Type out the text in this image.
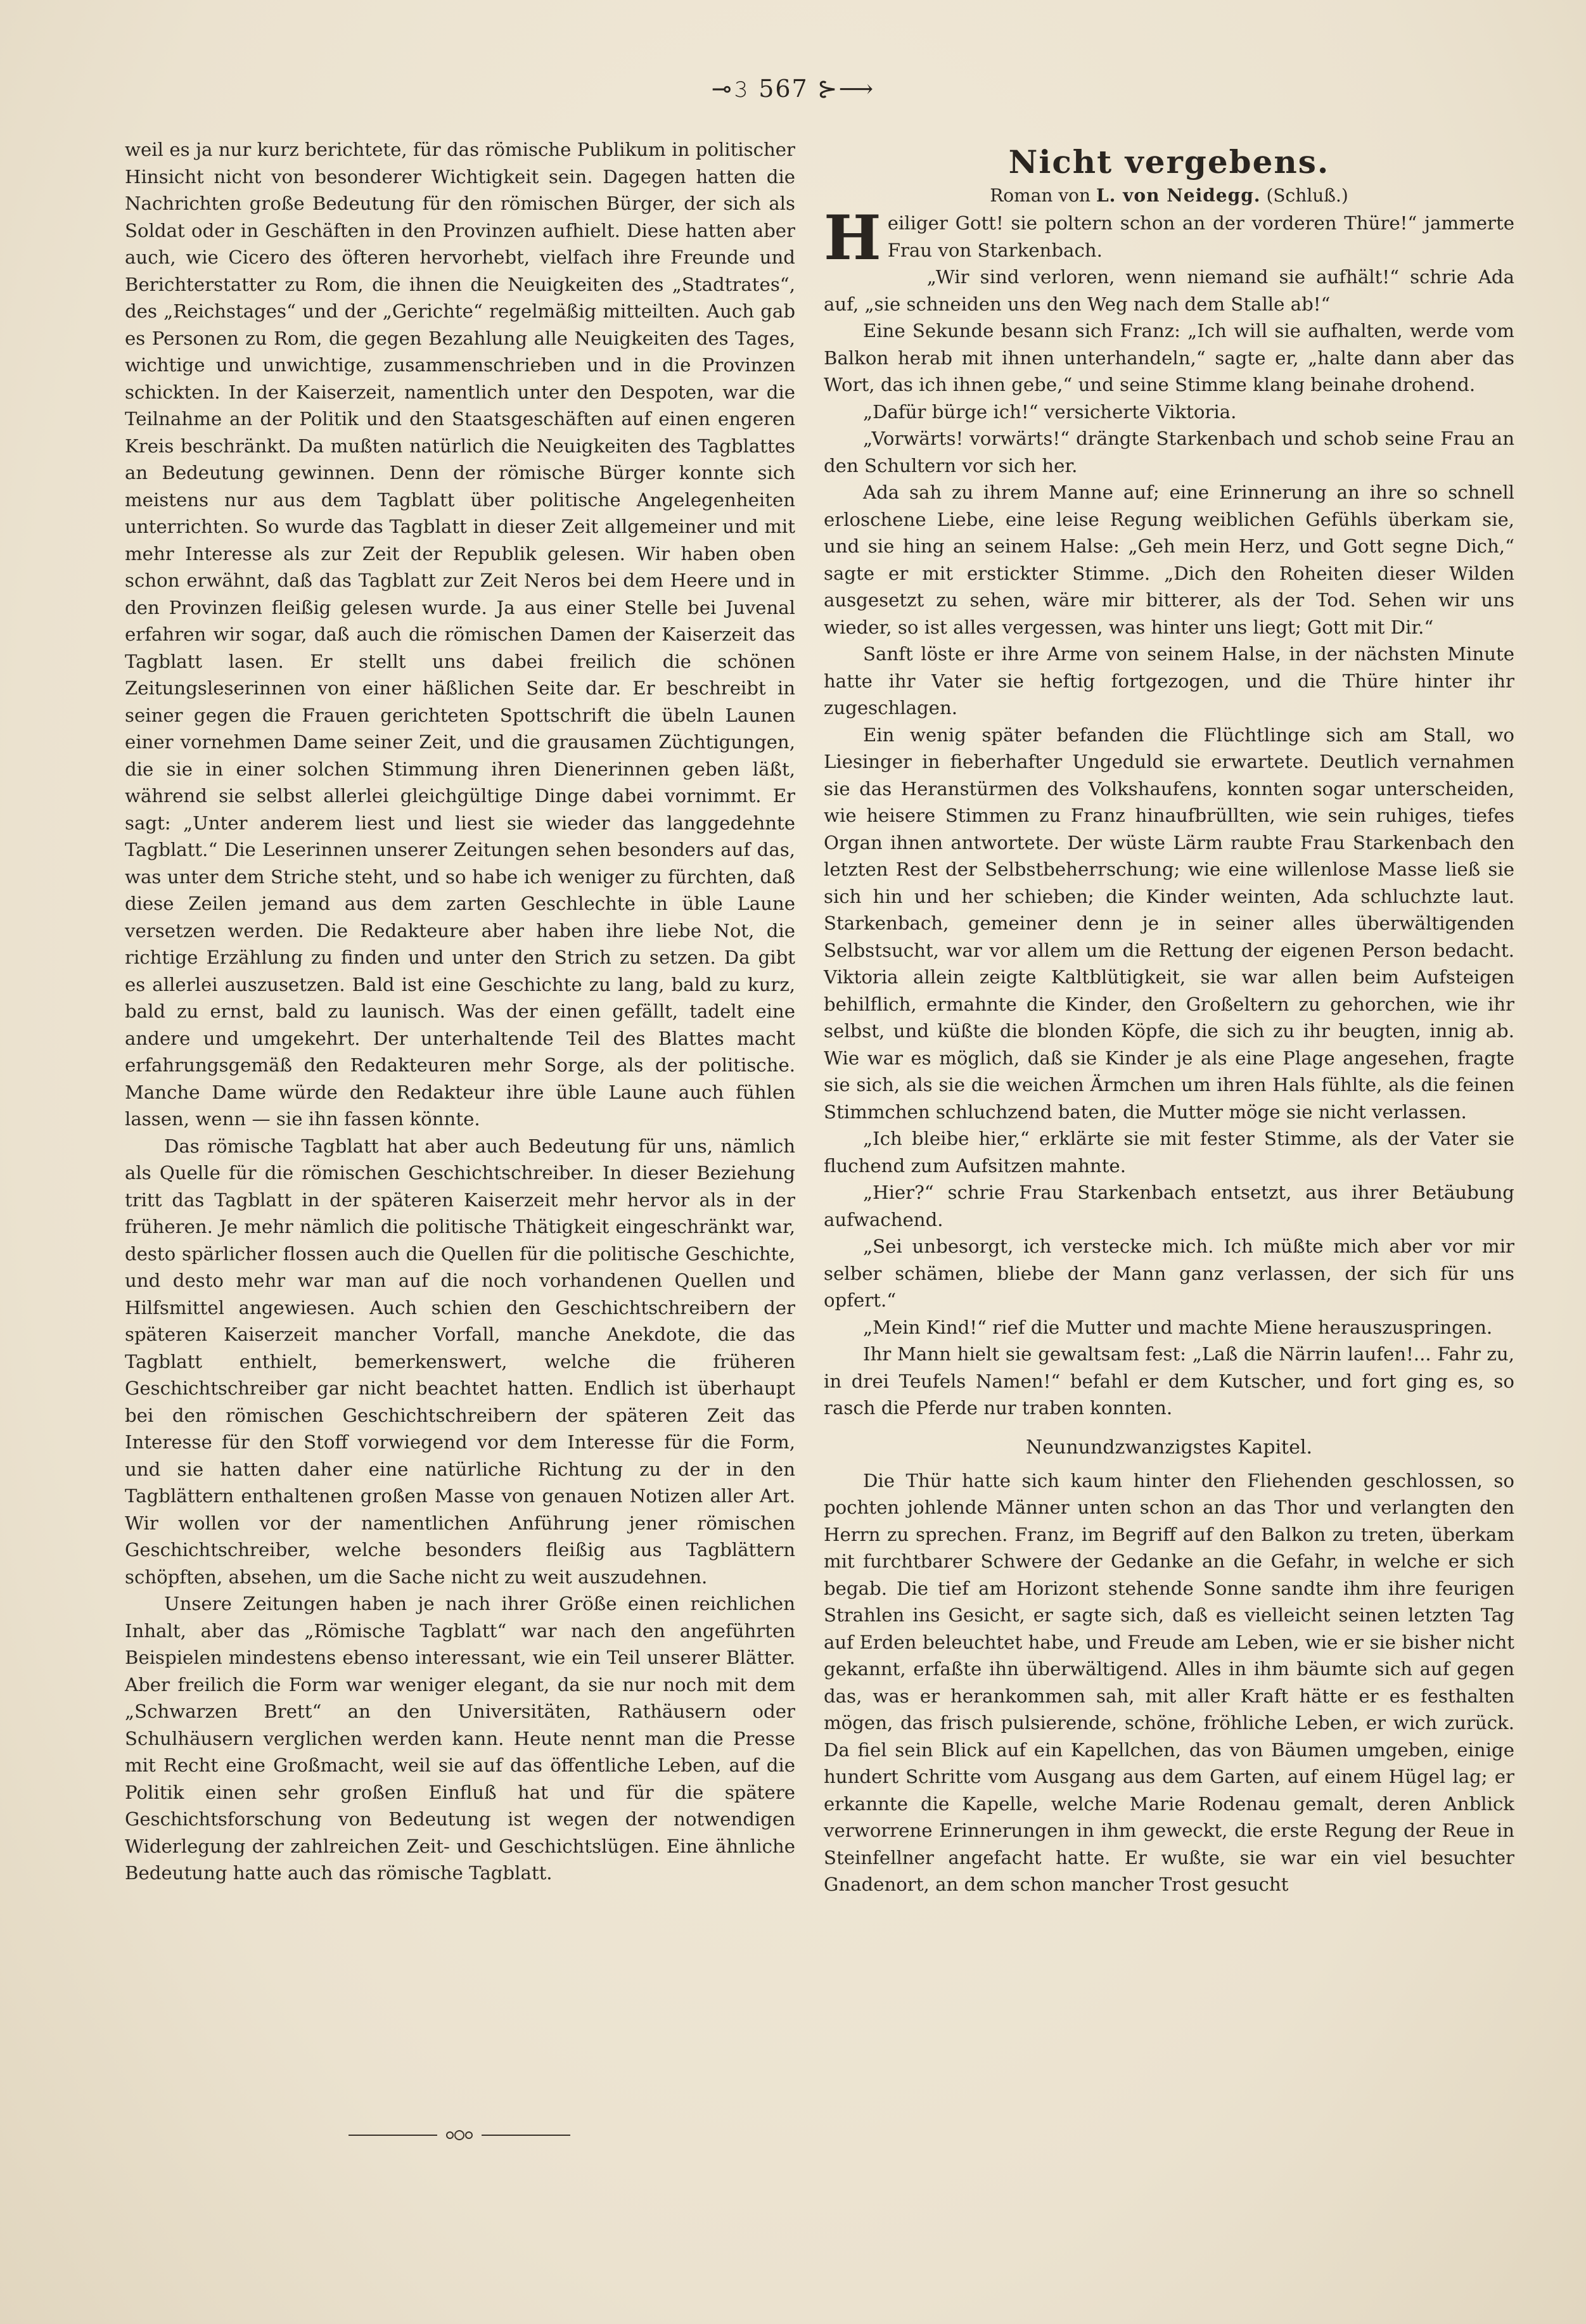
⊸𝟹 567 ⊱⟶

weil es ja nur kurz berichtete, für das römische Publikum in politischer Hinsicht nicht von besonderer Wichtigkeit sein. Dagegen hatten die Nachrichten große Bedeutung für den römischen Bürger, der sich als Soldat oder in Geschäften in den Provinzen aufhielt. Diese hatten aber auch, wie Cicero des öfteren hervorhebt, vielfach ihre Freunde und Berichterstatter zu Rom, die ihnen die Neuigkeiten des „Stadtrates“, des „Reichstages“ und der „Gerichte“ regelmäßig mitteilten. Auch gab es Personen zu Rom, die gegen Bezahlung alle Neuigkeiten des Tages, wichtige und unwichtige, zusammenschrieben und in die Provinzen schickten. In der Kaiserzeit, namentlich unter den Despoten, war die Teilnahme an der Politik und den Staatsgeschäften auf einen engeren Kreis beschränkt. Da mußten natürlich die Neuigkeiten des Tagblattes an Bedeutung gewinnen. Denn der römische Bürger konnte sich meistens nur aus dem Tagblatt über politische Angelegenheiten unterrichten. So wurde das Tagblatt in dieser Zeit allgemeiner und mit mehr Interesse als zur Zeit der Republik gelesen. Wir haben oben schon erwähnt, daß das Tagblatt zur Zeit Neros bei dem Heere und in den Provinzen fleißig gelesen wurde. Ja aus einer Stelle bei Juvenal erfahren wir sogar, daß auch die römischen Damen der Kaiserzeit das Tagblatt lasen. Er stellt uns dabei freilich die schönen Zeitungsleserinnen von einer häßlichen Seite dar. Er beschreibt in seiner gegen die Frauen gerichteten Spottschrift die übeln Launen einer vornehmen Dame seiner Zeit, und die grausamen Züchtigungen, die sie in einer solchen Stimmung ihren Dienerinnen geben läßt, während sie selbst allerlei gleichgültige Dinge dabei vornimmt. Er sagt: „Unter anderem liest und liest sie wieder das langgedehnte Tagblatt.“ Die Leserinnen unserer Zeitungen sehen besonders auf das, was unter dem Striche steht, und so habe ich weniger zu fürchten, daß diese Zeilen jemand aus dem zarten Geschlechte in üble Laune versetzen werden. Die Redakteure aber haben ihre liebe Not, die richtige Erzählung zu finden und unter den Strich zu setzen. Da gibt es allerlei auszusetzen. Bald ist eine Geschichte zu lang, bald zu kurz, bald zu ernst, bald zu launisch. Was der einen gefällt, tadelt eine andere und umgekehrt. Der unterhaltende Teil des Blattes macht erfahrungsgemäß den Redakteuren mehr Sorge, als der politische. Manche Dame würde den Redakteur ihre üble Laune auch fühlen lassen, wenn — sie ihn fassen könnte.

Das römische Tagblatt hat aber auch Bedeutung für uns, nämlich als Quelle für die römischen Geschichtschreiber. In dieser Beziehung tritt das Tagblatt in der späteren Kaiserzeit mehr hervor als in der früheren. Je mehr nämlich die politische Thätigkeit eingeschränkt war, desto spärlicher flossen auch die Quellen für die politische Geschichte, und desto mehr war man auf die noch vorhandenen Quellen und Hilfsmittel angewiesen. Auch schien den Geschichtschreibern der späteren Kaiserzeit mancher Vorfall, manche Anekdote, die das Tagblatt enthielt, bemerkenswert, welche die früheren Geschichtschreiber gar nicht beachtet hatten. Endlich ist überhaupt bei den römischen Geschichtschreibern der späteren Zeit das Interesse für den Stoff vorwiegend vor dem Interesse für die Form, und sie hatten daher eine natürliche Richtung zu der in den Tagblättern enthaltenen großen Masse von genauen Notizen aller Art. Wir wollen vor der namentlichen Anführung jener römischen Geschichtschreiber, welche besonders fleißig aus Tagblättern schöpften, absehen, um die Sache nicht zu weit auszudehnen.

Unsere Zeitungen haben je nach ihrer Größe einen reichlichen Inhalt, aber das „Römische Tagblatt“ war nach den angeführten Beispielen mindestens ebenso interessant, wie ein Teil unserer Blätter. Aber freilich die Form war weniger elegant, da sie nur noch mit dem „Schwarzen Brett“ an den Universitäten, Rathäusern oder Schulhäusern verglichen werden kann. Heute nennt man die Presse mit Recht eine Großmacht, weil sie auf das öffentliche Leben, auf die Politik einen sehr großen Einfluß hat und für die spätere Geschichtsforschung von Bedeutung ist wegen der notwendigen Widerlegung der zahlreichen Zeit- und Geschichtslügen. Eine ähnliche Bedeutung hatte auch das römische Tagblatt.

Nicht vergebens.

Roman von L. von Neidegg. (Schluß.)

Heiliger Gott! sie poltern schon an der vorderen Thüre!“ jammerte Frau von Starkenbach.

„Wir sind verloren, wenn niemand sie aufhält!“ schrie Ada auf, „sie schneiden uns den Weg nach dem Stalle ab!“

Eine Sekunde besann sich Franz: „Ich will sie aufhalten, werde vom Balkon herab mit ihnen unterhandeln,“ sagte er, „halte dann aber das Wort, das ich ihnen gebe,“ und seine Stimme klang beinahe drohend.

„Dafür bürge ich!“ versicherte Viktoria.

„Vorwärts! vorwärts!“ drängte Starkenbach und schob seine Frau an den Schultern vor sich her.

Ada sah zu ihrem Manne auf; eine Erinnerung an ihre so schnell erloschene Liebe, eine leise Regung weiblichen Gefühls überkam sie, und sie hing an seinem Halse: „Geh mein Herz, und Gott segne Dich,“ sagte er mit erstickter Stimme. „Dich den Roheiten dieser Wilden ausgesetzt zu sehen, wäre mir bitterer, als der Tod. Sehen wir uns wieder, so ist alles vergessen, was hinter uns liegt; Gott mit Dir.“

Sanft löste er ihre Arme von seinem Halse, in der nächsten Minute hatte ihr Vater sie heftig fortgezogen, und die Thüre hinter ihr zugeschlagen.

Ein wenig später befanden die Flüchtlinge sich am Stall, wo Liesinger in fieberhafter Ungeduld sie erwartete. Deutlich vernahmen sie das Heranstürmen des Volkshaufens, konnten sogar unterscheiden, wie heisere Stimmen zu Franz hinaufbrüllten, wie sein ruhiges, tiefes Organ ihnen antwortete. Der wüste Lärm raubte Frau Starkenbach den letzten Rest der Selbstbeherrschung; wie eine willenlose Masse ließ sie sich hin und her schieben; die Kinder weinten, Ada schluchzte laut. Starkenbach, gemeiner denn je in seiner alles überwältigenden Selbstsucht, war vor allem um die Rettung der eigenen Person bedacht. Viktoria allein zeigte Kaltblütigkeit, sie war allen beim Aufsteigen behilflich, ermahnte die Kinder, den Großeltern zu gehorchen, wie ihr selbst, und küßte die blonden Köpfe, die sich zu ihr beugten, innig ab. Wie war es möglich, daß sie Kinder je als eine Plage angesehen, fragte sie sich, als sie die weichen Ärmchen um ihren Hals fühlte, als die feinen Stimmchen schluchzend baten, die Mutter möge sie nicht verlassen.

„Ich bleibe hier,“ erklärte sie mit fester Stimme, als der Vater sie fluchend zum Aufsitzen mahnte.

„Hier?“ schrie Frau Starkenbach entsetzt, aus ihrer Betäubung aufwachend.

„Sei unbesorgt, ich verstecke mich. Ich müßte mich aber vor mir selber schämen, bliebe der Mann ganz verlassen, der sich für uns opfert.“

„Mein Kind!“ rief die Mutter und machte Miene herauszuspringen.

Ihr Mann hielt sie gewaltsam fest: „Laß die Närrin laufen!... Fahr zu, in drei Teufels Namen!“ befahl er dem Kutscher, und fort ging es, so rasch die Pferde nur traben konnten.

Neunundzwanzigstes Kapitel.

Die Thür hatte sich kaum hinter den Fliehenden geschlossen, so pochten johlende Männer unten schon an das Thor und verlangten den Herrn zu sprechen. Franz, im Begriff auf den Balkon zu treten, überkam mit furchtbarer Schwere der Gedanke an die Gefahr, in welche er sich begab. Die tief am Horizont stehende Sonne sandte ihm ihre feurigen Strahlen ins Gesicht, er sagte sich, daß es vielleicht seinen letzten Tag auf Erden beleuchtet habe, und Freude am Leben, wie er sie bisher nicht gekannt, erfaßte ihn überwältigend. Alles in ihm bäumte sich auf gegen das, was er herankommen sah, mit aller Kraft hätte er es festhalten mögen, das frisch pulsierende, schöne, fröhliche Leben, er wich zurück. Da fiel sein Blick auf ein Kapellchen, das von Bäumen umgeben, einige hundert Schritte vom Ausgang aus dem Garten, auf einem Hügel lag; er erkannte die Kapelle, welche Marie Rodenau gemalt, deren Anblick verworrene Erinnerungen in ihm geweckt, die erste Regung der Reue in Steinfellner angefacht hatte. Er wußte, sie war ein viel besuchter Gnadenort, an dem schon mancher Trost gesucht
